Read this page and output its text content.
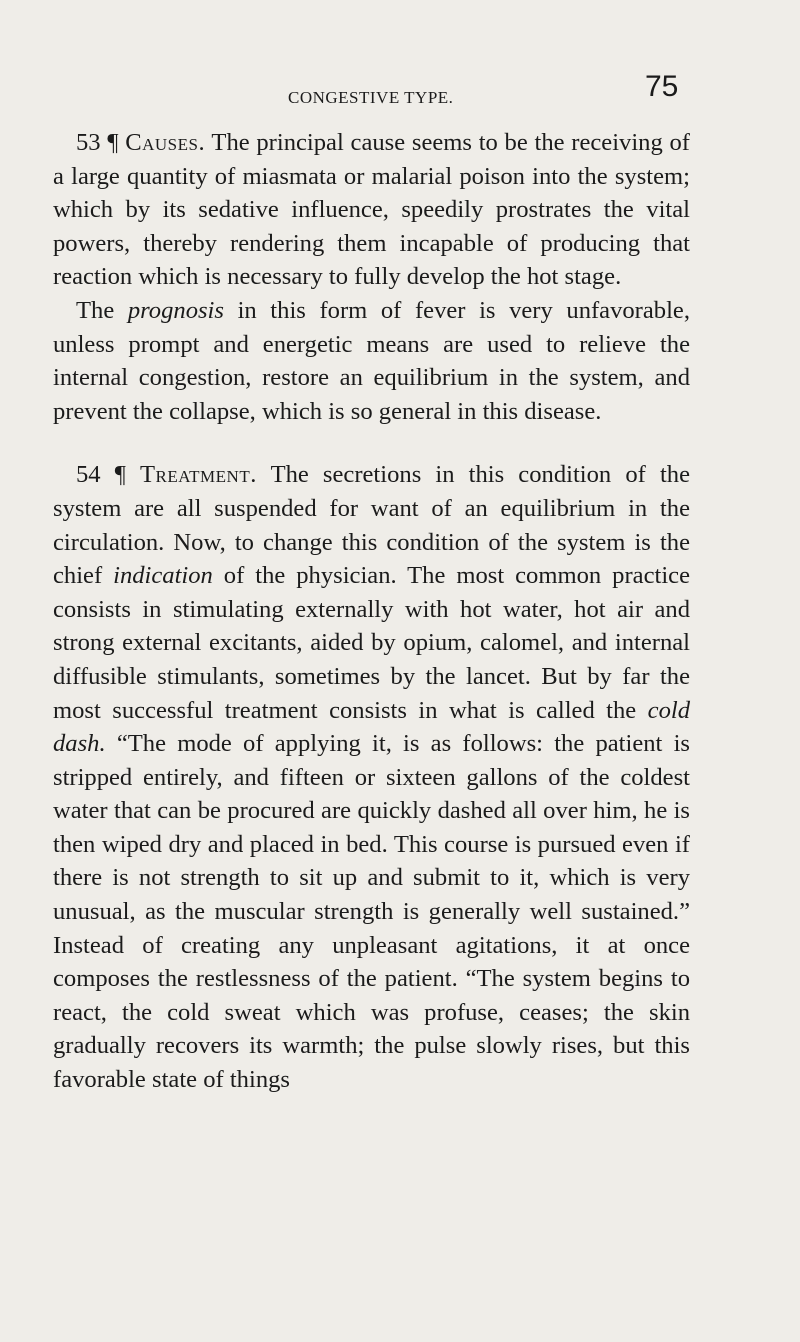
CONGESTIVE TYPE.	75

53 ¶ Causes. The principal cause seems to be the receiving of a large quantity of miasmata or malarial poison into the system; which by its sedative influence, speedily prostrates the vital powers, thereby rendering them incapable of producing that reaction which is necessary to fully develop the hot stage.

The prognosis in this form of fever is very unfavorable, unless prompt and energetic means are used to relieve the internal congestion, restore an equilibrium in the system, and prevent the collapse, which is so general in this disease.

54 ¶ Treatment. The secretions in this condition of the system are all suspended for want of an equilibrium in the circulation. Now, to change this condition of the system is the chief indication of the physician. The most common practice consists in stimulating externally with hot water, hot air and strong external excitants, aided by opium, calomel, and internal diffusible stimulants, sometimes by the lancet. But by far the most successful treatment consists in what is called the cold dash. “The mode of applying it, is as follows: the patient is stripped entirely, and fifteen or sixteen gallons of the coldest water that can be procured are quickly dashed all over him, he is then wiped dry and placed in bed. This course is pursued even if there is not strength to sit up and submit to it, which is very unusual, as the muscular strength is generally well sustained.” Instead of creating any unpleasant agitations, it at once composes the restlessness of the patient. “The system begins to react, the cold sweat which was profuse, ceases; the skin gradually recovers its warmth; the pulse slowly rises, but this favorable state of things
